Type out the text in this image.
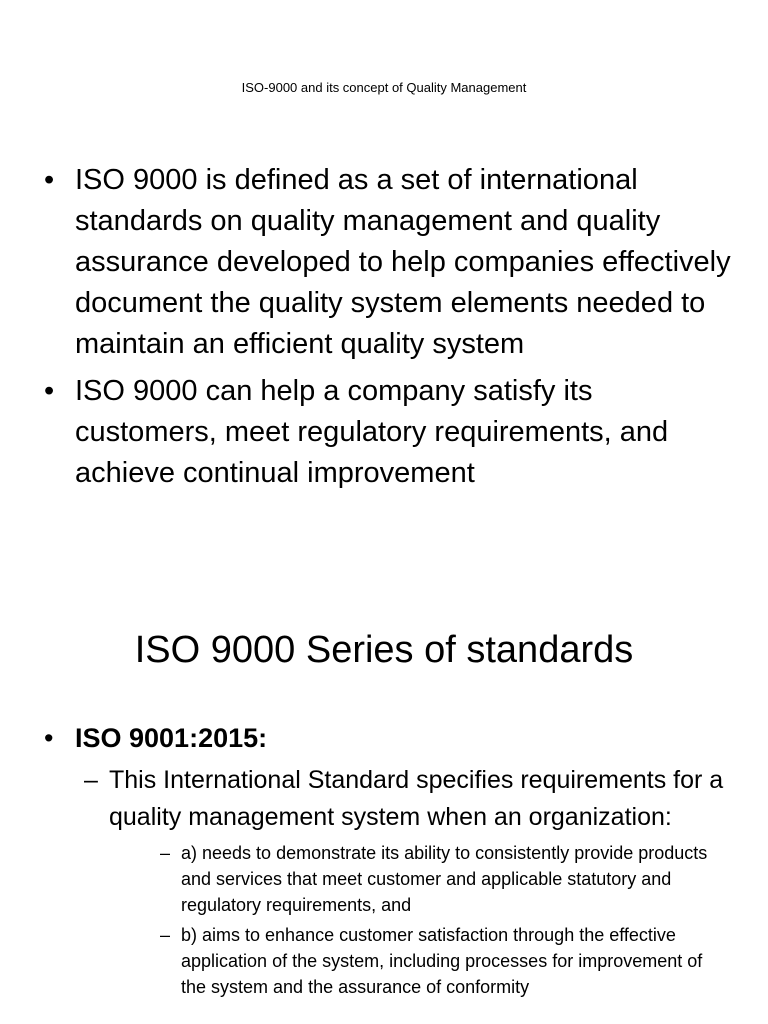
ISO-9000 and its concept of Quality Management
• ISO 9000 is defined as a set of international standards on quality management and quality assurance developed to help companies effectively document the quality system elements needed to maintain an efficient quality system
• ISO 9000 can help a company satisfy its customers, meet regulatory requirements, and achieve continual improvement
ISO 9000 Series of standards
• ISO 9001:2015:
– This International Standard specifies requirements for a quality management system when an organization:
– a) needs to demonstrate its ability to consistently provide products and services that meet customer and applicable statutory and regulatory requirements, and
– b) aims to enhance customer satisfaction through the effective application of the system, including processes for improvement of the system and the assurance of conformity
